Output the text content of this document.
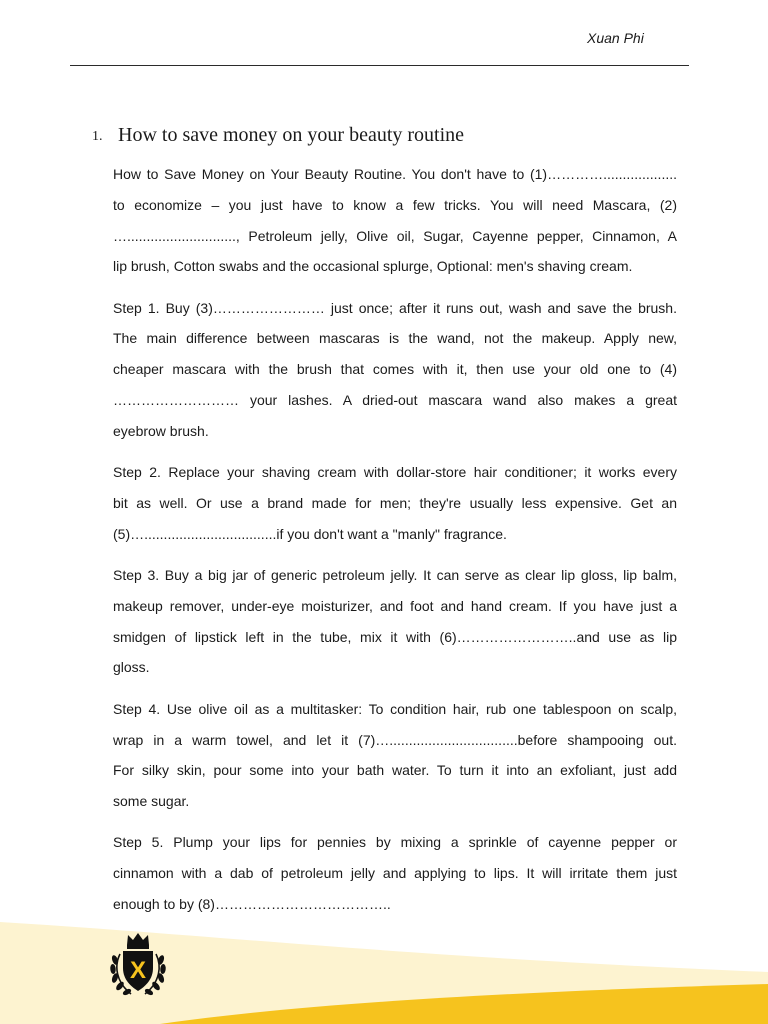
Xuan Phi
1. How to save money on your beauty routine
How to Save Money on Your Beauty Routine. You don't have to (1)…………...................
to economize – you just have to know a few tricks. You will need Mascara, (2)
…............................, Petroleum jelly, Olive oil, Sugar, Cayenne pepper, Cinnamon, A
lip brush, Cotton swabs and the occasional splurge, Optional: men's shaving cream.
Step 1. Buy (3)…………………… just once; after it runs out, wash and save the brush.
The main difference between mascaras is the wand, not the makeup. Apply new,
cheaper mascara with the brush that comes with it, then use your old one to (4)
……………………… your lashes. A dried-out mascara wand also makes a great
eyebrow brush.
Step 2. Replace your shaving cream with dollar-store hair conditioner; it works every
bit as well. Or use a brand made for men; they're usually less expensive. Get an
(5)…..................................if you don't want a "manly" fragrance.
Step 3. Buy a big jar of generic petroleum jelly. It can serve as clear lip gloss, lip balm,
makeup remover, under-eye moisturizer, and foot and hand cream. If you have just a
smidgen of lipstick left in the tube, mix it with (6)……………………..and use as lip
gloss.
Step 4. Use olive oil as a multitasker: To condition hair, rub one tablespoon on scalp,
wrap in a warm towel, and let it (7)….................................before shampooing out.
For silky skin, pour some into your bath water. To turn it into an exfoliant, just add
some sugar.
Step 5. Plump your lips for pennies by mixing a sprinkle of cayenne pepper or
cinnamon with a dab of petroleum jelly and applying to lips. It will irritate them just
enough to by (8)………………………………..
X
